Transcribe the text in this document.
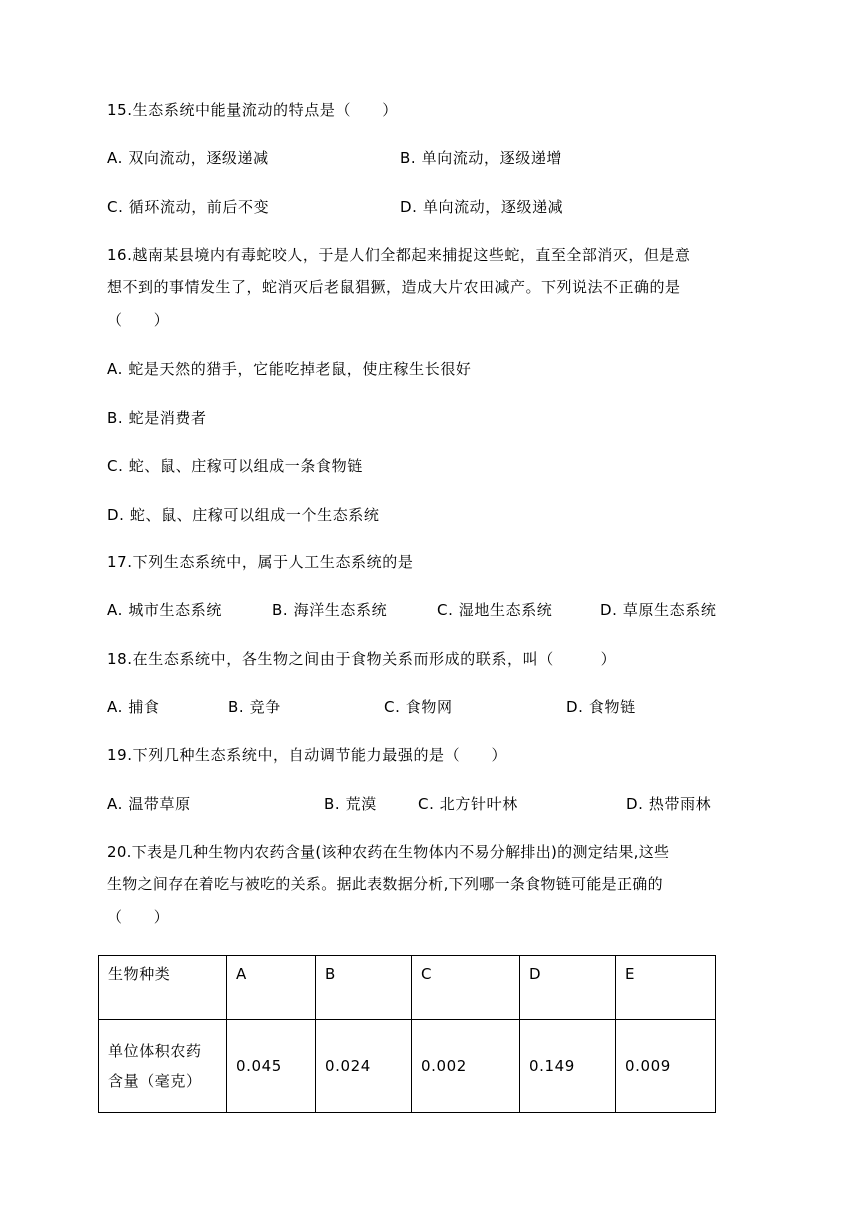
15.生态系统中能量流动的特点是（　　）
A. 双向流动，逐级递减	B. 单向流动，逐级递增
C. 循环流动，前后不变	D. 单向流动，逐级递减
16.越南某县境内有毒蛇咬人，于是人们全都起来捕捉这些蛇，直至全部消灭，但是意
想不到的事情发生了，蛇消灭后老鼠猖獗，造成大片农田减产。下列说法不正确的是
（　　）
A. 蛇是天然的猎手，它能吃掉老鼠，使庄稼生长很好
B. 蛇是消费者
C. 蛇、鼠、庄稼可以组成一条食物链
D. 蛇、鼠、庄稼可以组成一个生态系统
17.下列生态系统中，属于人工生态系统的是
A. 城市生态系统	B. 海洋生态系统	C. 湿地生态系统	D. 草原生态系统
18.在生态系统中，各生物之间由于食物关系而形成的联系，叫（　　　）
A. 捕食	B. 竞争	C. 食物网	D. 食物链
19.下列几种生态系统中，自动调节能力最强的是（　　）
A. 温带草原	B. 荒漠	C. 北方针叶林	D. 热带雨林
20.下表是几种生物内农药含量(该种农药在生物体内不易分解排出)的测定结果,这些
生物之间存在着吃与被吃的关系。据此表数据分析,下列哪一条食物链可能是正确的
（　　）
生物种类	A	B	C	D	E

单位体积农药
含量（毫克）	0.045	0.024	0.002	0.149	0.009
